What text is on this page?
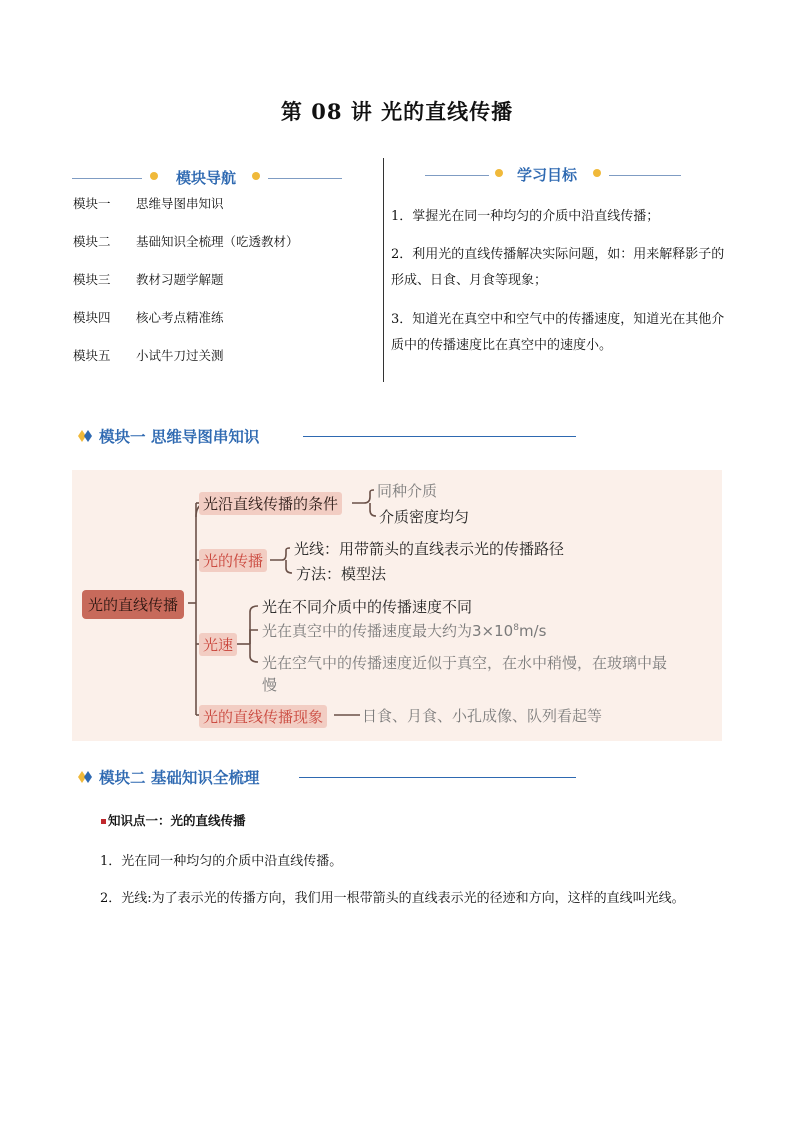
第 08 讲 光的直线传播
模块导航
模块一 思维导图串知识
模块二 基础知识全梳理（吃透教材）
模块三 教材习题学解题
模块四 核心考点精准练
模块五 小试牛刀过关测
学习目标
1．掌握光在同一种均匀的介质中沿直线传播；
2．利用光的直线传播解决实际问题，如：用来解释影子的形成、日食、月食等现象；
3．知道光在真空中和空气中的传播速度，知道光在其他介质中的传播速度比在真空中的速度小。
模块一 思维导图串知识
光的直线传播
光沿直线传播的条件
同种介质
介质密度均匀
光的传播
光线：用带箭头的直线表示光的传播路径
方法：模型法
光速
光在不同介质中的传播速度不同
光在真空中的传播速度最大约为$3\times 10^8m/s$
光在空气中的传播速度近似于真空，在水中稍慢，在玻璃中最
慢
光的直线传播现象	日食、月食、小孔成像、队列看起等
模块二 基础知识全梳理
知识点一：光的直线传播
1．光在同一种均匀的介质中沿直线传播。
2．光线:为了表示光的传播方向，我们用一根带箭头的直线表示光的径迹和方向，这样的直线叫光线。
